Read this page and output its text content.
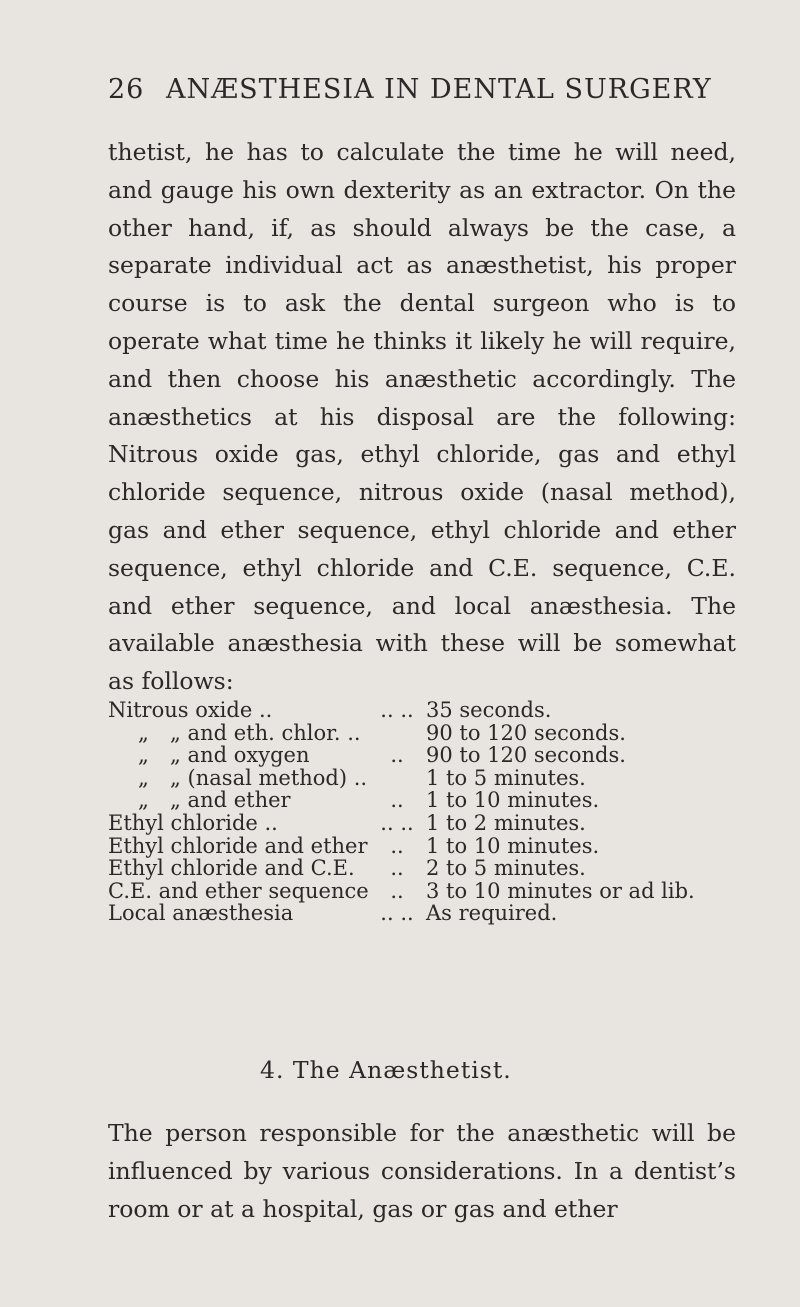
26 ANÆSTHESIA IN DENTAL SURGERY

thetist, he has to calculate the time he will need, and gauge his own dexterity as an extractor. On the other hand, if, as should always be the case, a separate individual act as anæsthetist, his proper course is to ask the dental surgeon who is to operate what time he thinks it likely he will require, and then choose his anæsthetic accordingly. The anæsthetics at his disposal are the following: Nitrous oxide gas, ethyl chloride, gas and ethyl chloride sequence, nitrous oxide (nasal method), gas and ether sequence, ethyl chloride and ether sequence, ethyl chloride and C.E. sequence, C.E. and ether sequence, and local anæsthesia. The available anæsthesia with these will be somewhat as follows:

Nitrous oxide ..	.. .. 35 seconds.
„	„ and eth. chlor. ..	90 to 120 seconds.
„	„ and oxygen	..	90 to 120 seconds.
„	„ (nasal method) ..	1 to 5 minutes.
„	„ and ether	..	1 to 10 minutes.
Ethyl chloride ..	.. .. 1 to 2 minutes.
Ethyl chloride and ether	..	1 to 10 minutes.
Ethyl chloride and C.E.	..	2 to 5 minutes.
C.E. and ether sequence	..	3 to 10 minutes or ad lib.
Local anæsthesia	.. .. As required.
4. The Anæsthetist.

The person responsible for the anæsthetic will be influenced by various considerations. In a dentist’s room or at a hospital, gas or gas and ether
